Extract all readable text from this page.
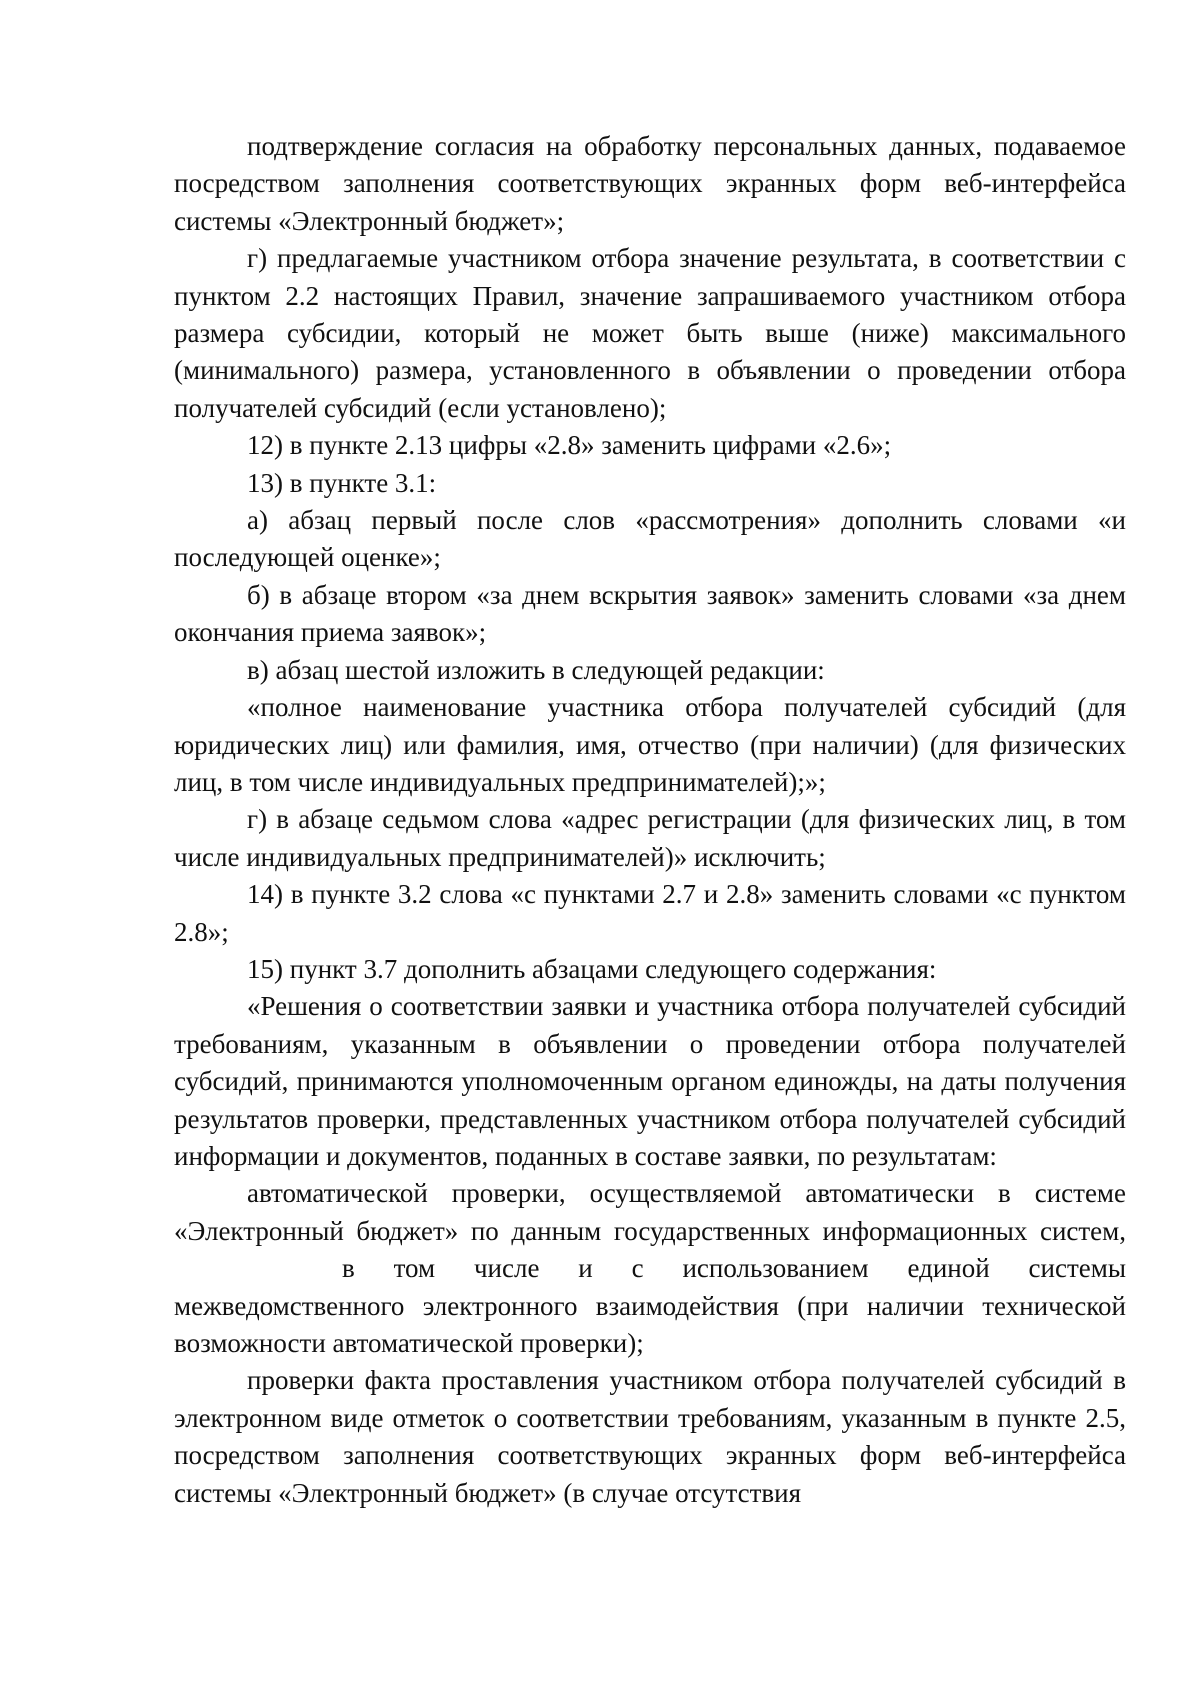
подтверждение согласия на обработку персональных данных, подаваемое посредством заполнения соответствующих экранных форм веб-интерфейса системы «Электронный бюджет»;

г) предлагаемые участником отбора значение результата, в соответствии с пунктом 2.2 настоящих Правил, значение запрашиваемого участником отбора размера субсидии, который не может быть выше (ниже) максимального (минимального) размера, установленного в объявлении о проведении отбора получателей субсидий (если установлено);

12) в пункте 2.13 цифры «2.8» заменить цифрами «2.6»;

13) в пункте 3.1:

а) абзац первый после слов «рассмотрения» дополнить словами «и последующей оценке»;

б) в абзаце втором «за днем вскрытия заявок» заменить словами «за днем окончания приема заявок»;

в) абзац шестой изложить в следующей редакции:

«полное наименование участника отбора получателей субсидий (для юридических лиц) или фамилия, имя, отчество (при наличии) (для физических лиц, в том числе индивидуальных предпринимателей);»;

г) в абзаце седьмом слова «адрес регистрации (для физических лиц, в том числе индивидуальных предпринимателей)» исключить;

14) в пункте 3.2 слова «с пунктами 2.7 и 2.8» заменить словами «с пунктом 2.8»;

15) пункт 3.7 дополнить абзацами следующего содержания:

«Решения о соответствии заявки и участника отбора получателей субсидий требованиям, указанным в объявлении о проведении отбора получателей субсидий, принимаются уполномоченным органом единожды, на даты получения результатов проверки, представленных участником отбора получателей субсидий информации и документов, поданных в составе заявки, по результатам:

автоматической проверки, осуществляемой автоматически в системе «Электронный бюджет» по данным государственных информационных систем,в том числе и с использованием единой системы межведомственного электронного взаимодействия (при наличии технической возможности автоматической проверки);

проверки факта проставления участником отбора получателей субсидий в электронном виде отметок о соответствии требованиям, указанным в пункте 2.5, посредством заполнения соответствующих экранных форм веб-интерфейса системы «Электронный бюджет» (в случае отсутствия
